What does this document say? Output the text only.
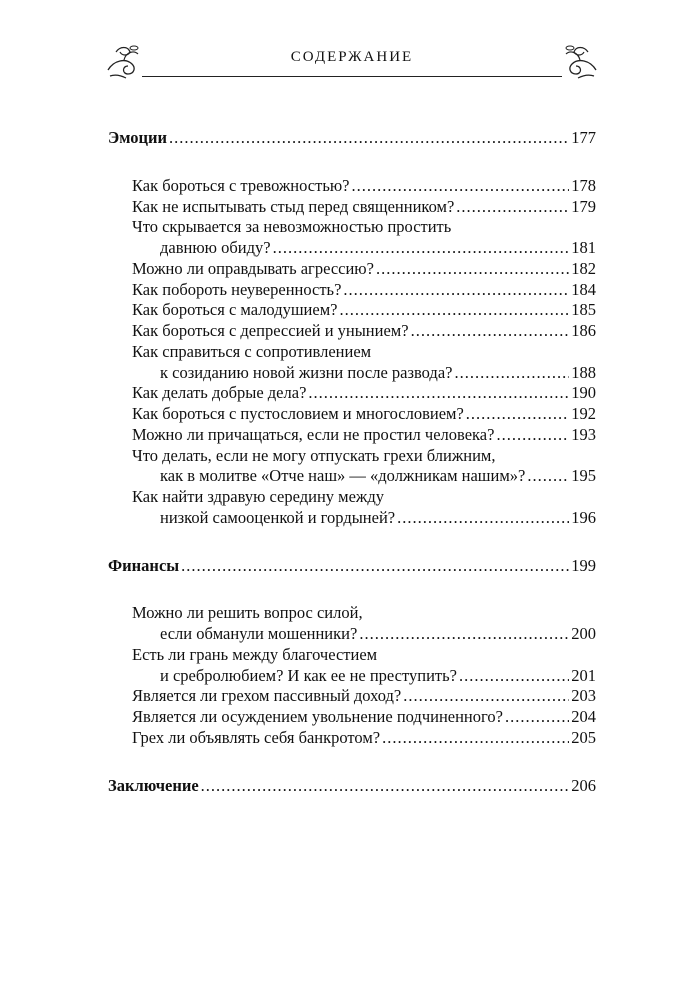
СОДЕРЖАНИЕ
Эмоции .....	177
Как бороться с тревожностью? .....	178
Как не испытывать стыд перед священником? .....	179
Что скрывается за невозможностью простить
давнюю обиду? .....	181
Можно ли оправдывать агрессию? .....	182
Как побороть неуверенность? .....	184
Как бороться с малодушием? .....	185
Как бороться с депрессией и унынием? .....	186
Как справиться с сопротивлением
к созиданию новой жизни после развода? .....	188
Как делать добрые дела? .....	190
Как бороться с пустословием и многословием? .....	192
Можно ли причащаться, если не простил человека? .....	193
Что делать, если не могу отпускать грехи ближним,
как в молитве «Отче наш» — «должникам нашим»? .....	195
Как найти здравую середину между
низкой самооценкой и гордыней? .....	196
Финансы .....	199
Можно ли решить вопрос силой,
если обманули мошенники? .....	200
Есть ли грань между благочестием
и сребролюбием? И как ее не преступить? .....	201
Является ли грехом пассивный доход? .....	203
Является ли осуждением увольнение подчиненного? .....	204
Грех ли объявлять себя банкротом? .....	205
Заключение .....	206
